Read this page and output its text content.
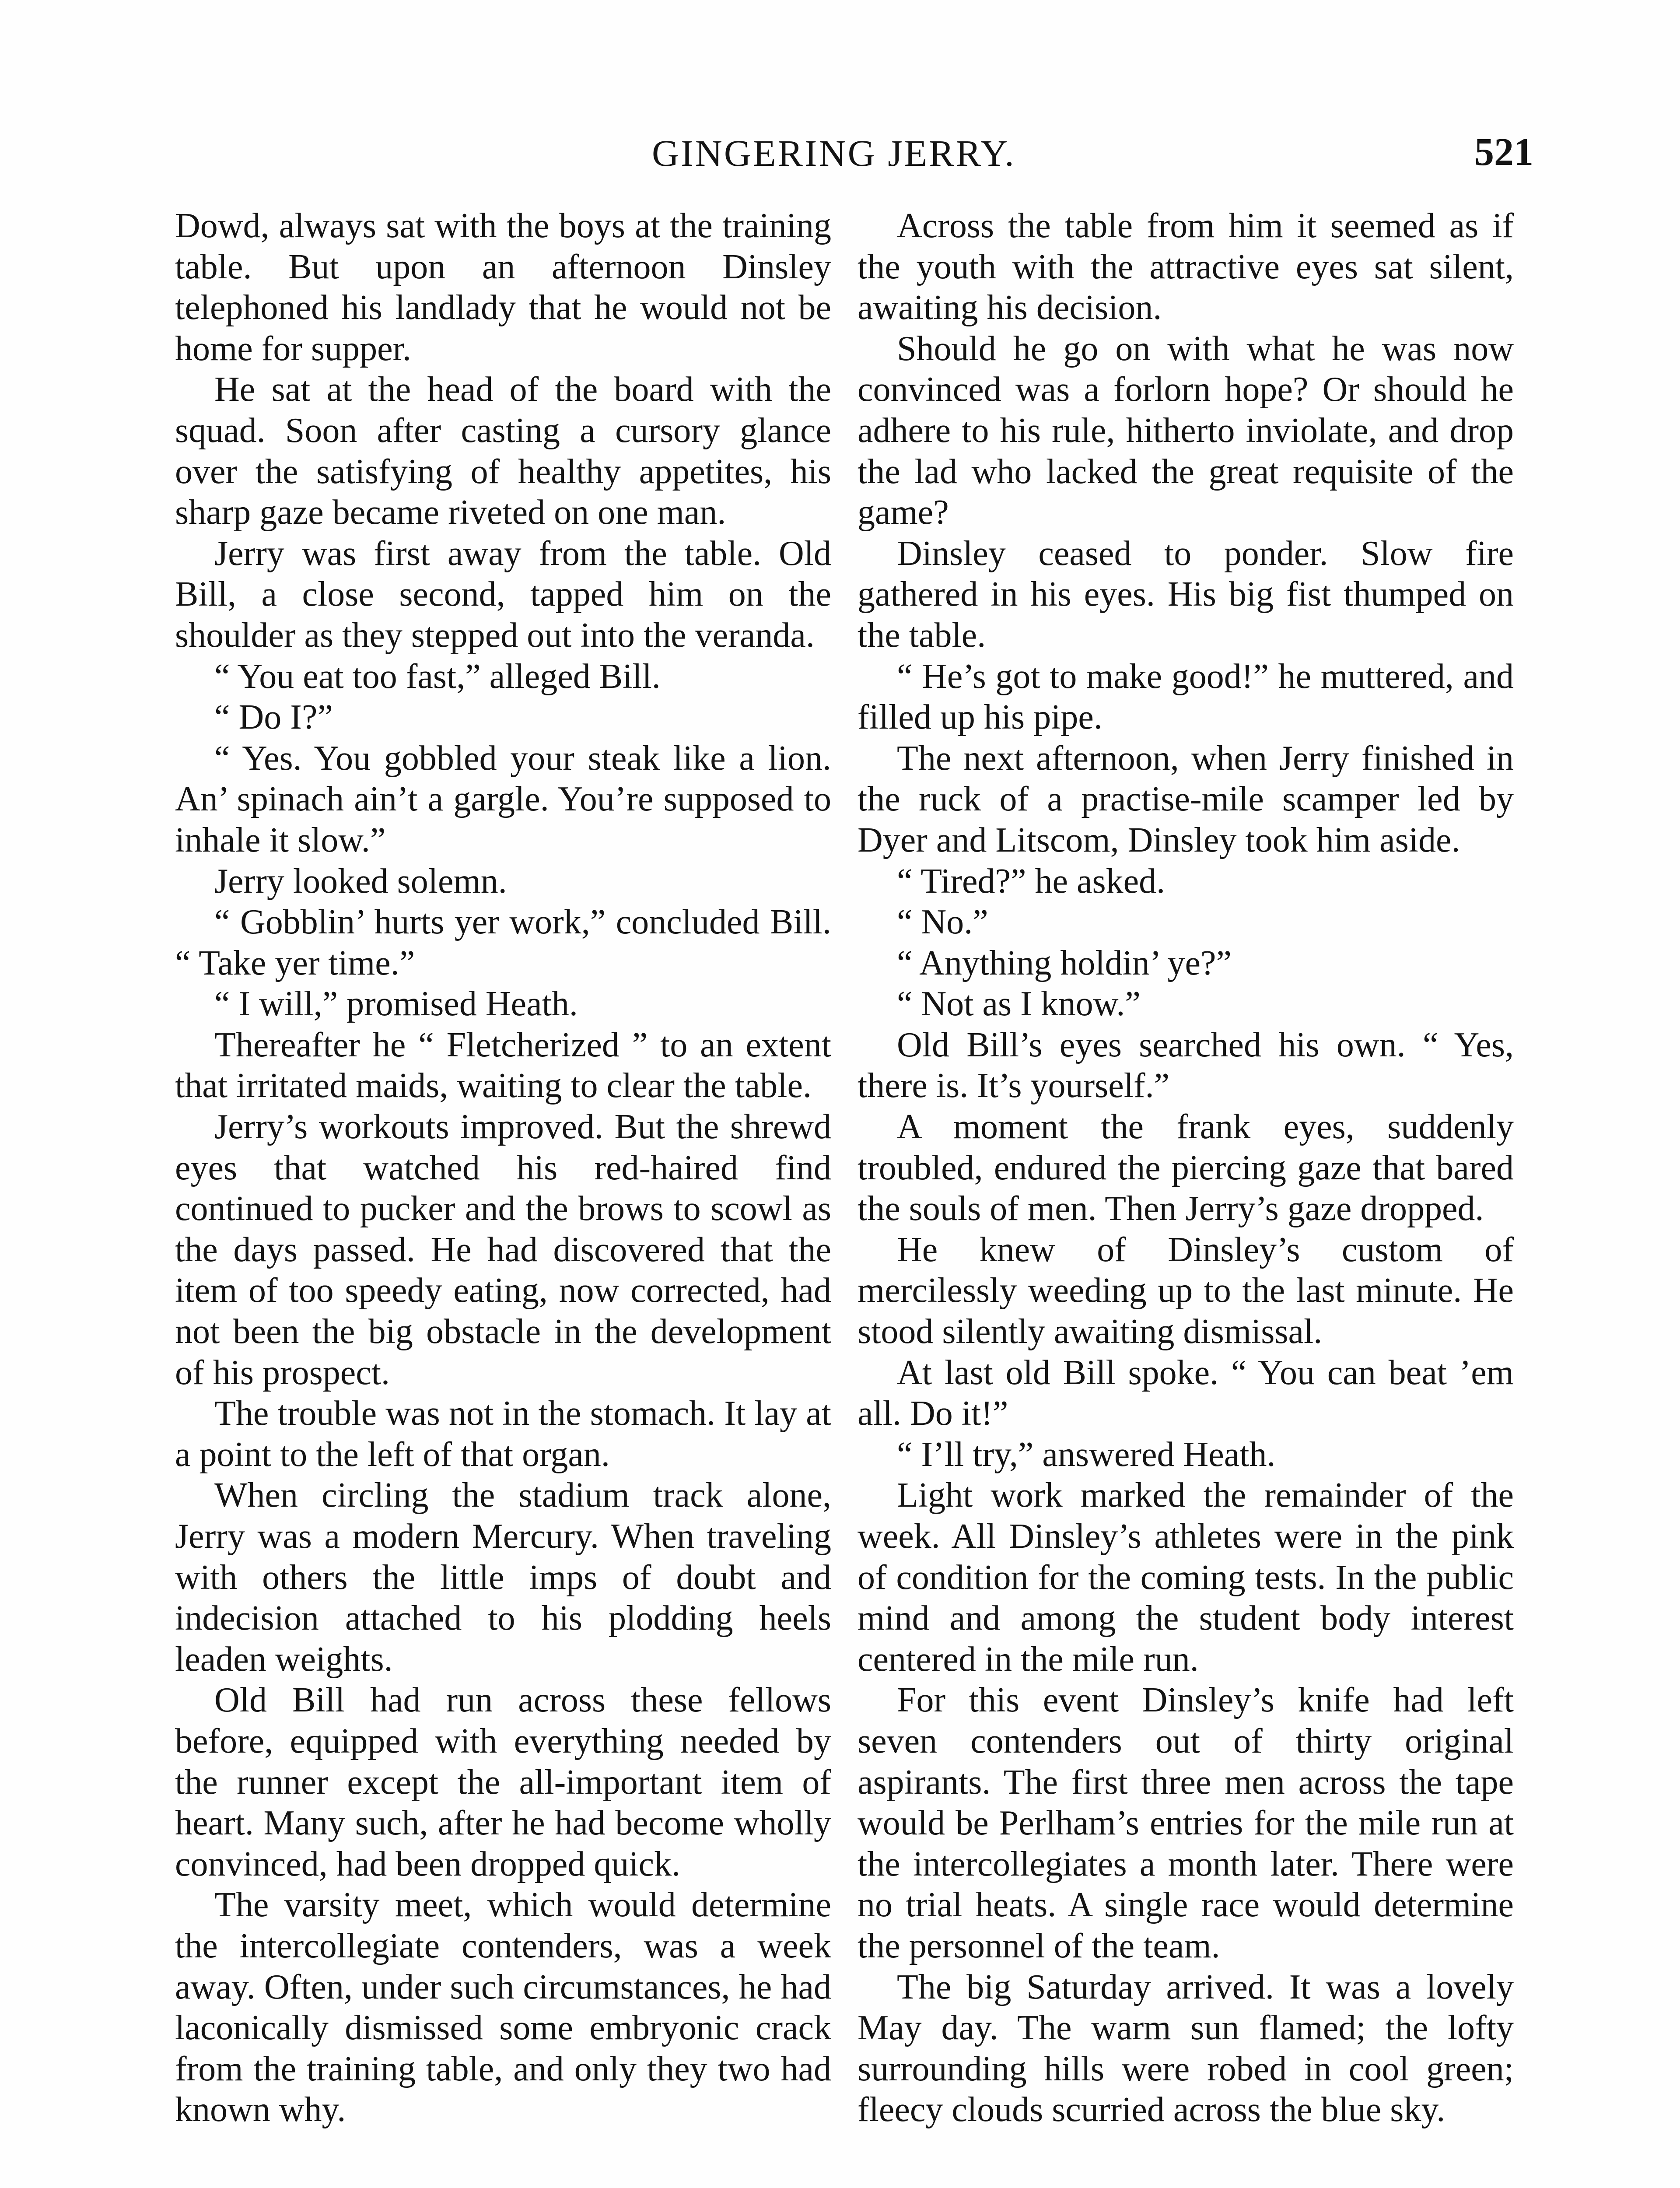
GINGERING JERRY.	521

Dowd, always sat with the boys at the training table. But upon an afternoon Dinsley telephoned his landlady that he would not be home for supper.

He sat at the head of the board with the squad. Soon after casting a cursory glance over the satisfying of healthy appetites, his sharp gaze became riveted on one man.

Jerry was first away from the table. Old Bill, a close second, tapped him on the shoulder as they stepped out into the veranda.

“ You eat too fast,” alleged Bill.

“ Do I?”

“ Yes. You gobbled your steak like a lion. An’ spinach ain’t a gargle. You’re supposed to inhale it slow.”

Jerry looked solemn.

“ Gobblin’ hurts yer work,” concluded Bill. “ Take yer time.”

“ I will,” promised Heath.

Thereafter he “ Fletcherized ” to an extent that irritated maids, waiting to clear the table.

Jerry’s workouts improved. But the shrewd eyes that watched his red-haired find continued to pucker and the brows to scowl as the days passed. He had discovered that the item of too speedy eating, now corrected, had not been the big obstacle in the development of his prospect.

The trouble was not in the stomach. It lay at a point to the left of that organ.

When circling the stadium track alone, Jerry was a modern Mercury. When traveling with others the little imps of doubt and indecision attached to his plodding heels leaden weights.

Old Bill had run across these fellows before, equipped with everything needed by the runner except the all-important item of heart. Many such, after he had become wholly convinced, had been dropped quick.

The varsity meet, which would determine the intercollegiate contenders, was a week away. Often, under such circumstances, he had laconically dismissed some embryonic crack from the training table, and only they two had known why.

Across the table from him it seemed as if the youth with the attractive eyes sat silent, awaiting his decision.

Should he go on with what he was now convinced was a forlorn hope? Or should he adhere to his rule, hitherto inviolate, and drop the lad who lacked the great requisite of the game?

Dinsley ceased to ponder. Slow fire gathered in his eyes. His big fist thumped on the table.

“ He’s got to make good!” he muttered, and filled up his pipe.

The next afternoon, when Jerry finished in the ruck of a practise-mile scamper led by Dyer and Litscom, Dinsley took him aside.

“ Tired?” he asked.

“ No.”

“ Anything holdin’ ye?”

“ Not as I know.”

Old Bill’s eyes searched his own. “ Yes, there is. It’s yourself.”

A moment the frank eyes, suddenly troubled, endured the piercing gaze that bared the souls of men. Then Jerry’s gaze dropped.

He knew of Dinsley’s custom of mercilessly weeding up to the last minute. He stood silently awaiting dismissal.

At last old Bill spoke. “ You can beat ’em all. Do it!”

“ I’ll try,” answered Heath.

Light work marked the remainder of the week. All Dinsley’s athletes were in the pink of condition for the coming tests. In the public mind and among the student body interest centered in the mile run.

For this event Dinsley’s knife had left seven contenders out of thirty original aspirants. The first three men across the tape would be Perlham’s entries for the mile run at the intercollegiates a month later. There were no trial heats. A single race would determine the personnel of the team.

The big Saturday arrived. It was a lovely May day. The warm sun flamed; the lofty surrounding hills were robed in cool green; fleecy clouds scurried across the blue sky.
